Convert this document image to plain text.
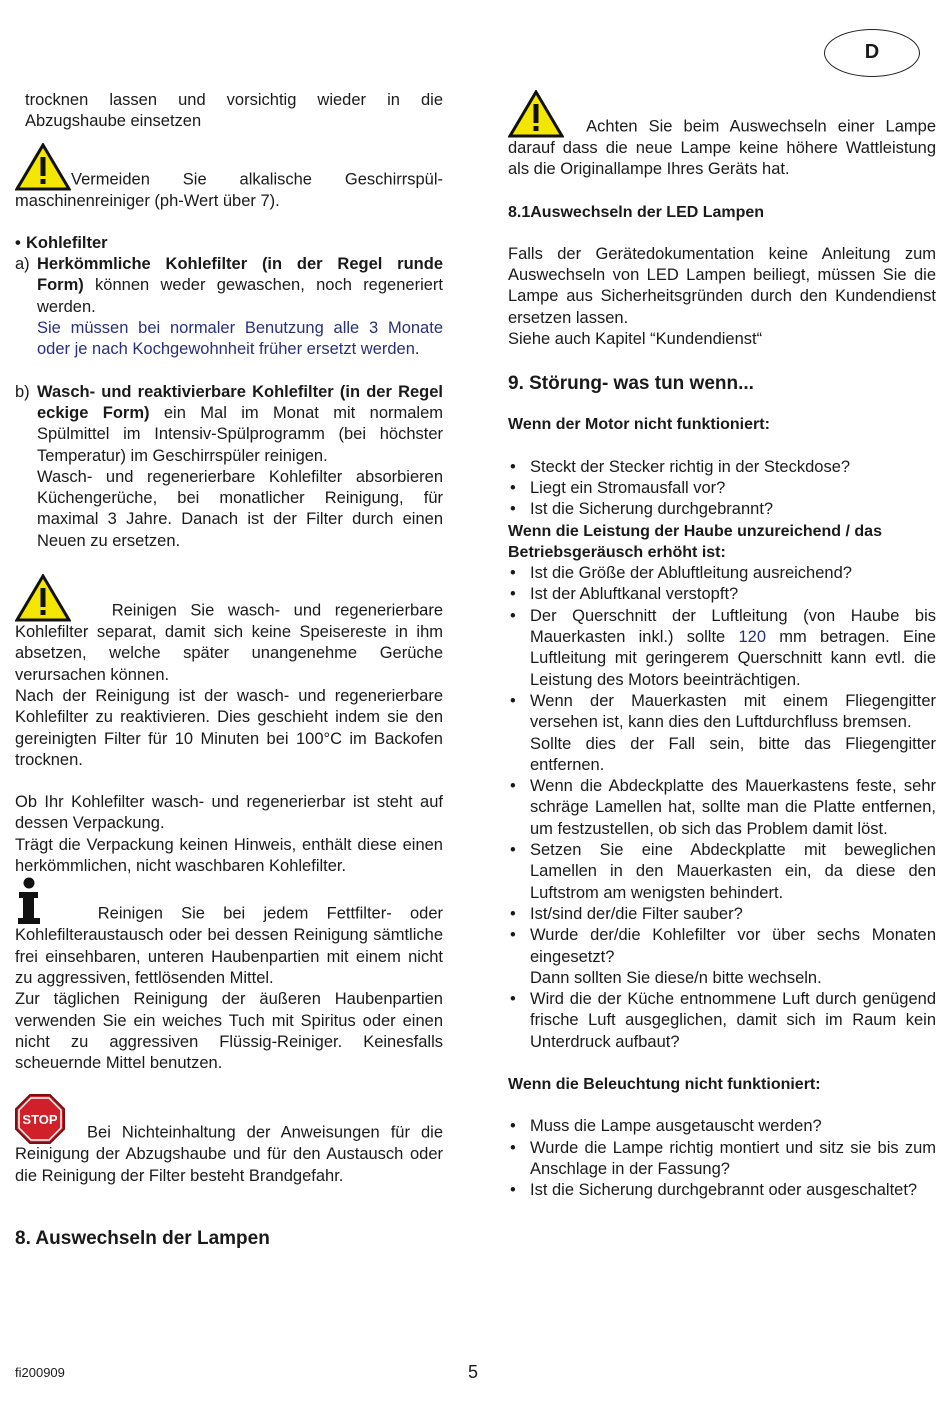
D

trocknen lassen und vorsichtig wieder in die Abzugshaube einsetzen

Vermeiden Sie alkalische Geschirrspül-maschinenreiniger (ph-Wert über 7).

• Kohlefilter
a) Herkömmliche Kohlefilter (in der Regel runde Form) können weder gewaschen, noch regeneriert werden.
Sie müssen bei normaler Benutzung alle 3 Monate oder je nach Kochgewohnheit früher ersetzt werden.
b) Wasch- und reaktivierbare Kohlefilter (in der Regel eckige Form) ein Mal im Monat mit normalem Spülmittel im Intensiv-Spülprogramm (bei höchster Temperatur) im Geschirrspüler reinigen.
Wasch- und regenerierbare Kohlefilter absorbieren Küchengerüche, bei monatlicher Reinigung, für maximal 3 Jahre. Danach ist der Filter durch einen Neuen zu ersetzen.

Reinigen Sie wasch- und regenerierbare Kohlefilter separat, damit sich keine Speisereste in ihm absetzen, welche später unangenehme Gerüche verursachen können.

Nach der Reinigung ist der wasch- und regenerierbare Kohlefilter zu reaktivieren. Dies geschieht indem sie den gereinigten Filter für 10 Minuten bei 100°C im Backofen trocknen.

Ob Ihr Kohlefilter wasch- und regenerierbar ist steht auf dessen Verpackung.

Trägt die Verpackung keinen Hinweis, enthält diese einen herkömmlichen, nicht waschbaren Kohlefilter.

Reinigen Sie bei jedem Fettfilter- oder Kohlefilteraustausch oder bei dessen Reinigung sämtliche frei einsehbaren, unteren Haubenpartien mit einem nicht zu aggressiven, fettlösenden Mittel.

Zur täglichen Reinigung der äußeren Haubenpartien verwenden Sie ein weiches Tuch mit Spiritus oder einen nicht zu aggressiven Flüssig-Reiniger. Keinesfalls scheuernde Mittel benutzen.

STOP
Bei Nichteinhaltung der Anweisungen für die Reinigung der Abzugshaube und für den Austausch oder die Reinigung der Filter besteht Brandgefahr.

8. Auswechseln der Lampen

Achten Sie beim Auswechseln einer Lampe darauf dass die neue Lampe keine höhere Wattleistung als die Originallampe Ihres Geräts hat.

8.1Auswechseln der LED Lampen

Falls der Gerätedokumentation keine Anleitung zum Auswechseln von LED Lampen beiliegt, müssen Sie die Lampe aus Sicherheitsgründen durch den Kundendienst ersetzen lassen.

Siehe auch Kapitel “Kundendienst“

9. Störung- was tun wenn...
Wenn der Motor nicht funktioniert:
• Steckt der Stecker richtig in der Steckdose?
• Liegt ein Stromausfall vor?
• Ist die Sicherung durchgebrannt?
Wenn die Leistung der Haube unzureichend / das Betriebsgeräusch erhöht ist:
• Ist die Größe der Abluftleitung ausreichend?
• Ist der Abluftkanal verstopft?
• Der Querschnitt der Luftleitung (von Haube bis Mauerkasten inkl.) sollte 120 mm betragen. Eine Luftleitung mit geringerem Querschnitt kann evtl. die Leistung des Motors beeinträchtigen.
• Wenn der Mauerkasten mit einem Fliegengitter versehen ist, kann dies den Luftdurchfluss bremsen.
Sollte dies der Fall sein, bitte das Fliegengitter entfernen.
• Wenn die Abdeckplatte des Mauerkastens feste, sehr schräge Lamellen hat, sollte man die Platte entfernen, um festzustellen, ob sich das Problem damit löst.
• Setzen Sie eine Abdeckplatte mit beweglichen Lamellen in den Mauerkasten ein, da diese den Luftstrom am wenigsten behindert.
• Ist/sind der/die Filter sauber?
• Wurde der/die Kohlefilter vor über sechs Monaten eingesetzt?
Dann sollten Sie diese/n bitte wechseln.
• Wird die der Küche entnommene Luft durch genügend frische Luft ausgeglichen, damit sich im Raum kein Unterdruck aufbaut?
Wenn die Beleuchtung nicht funktioniert:
• Muss die Lampe ausgetauscht werden?
• Wurde die Lampe richtig montiert und sitz sie bis zum Anschlage in der Fassung?
• Ist die Sicherung durchgebrannt oder ausgeschaltet?
fi200909	5
